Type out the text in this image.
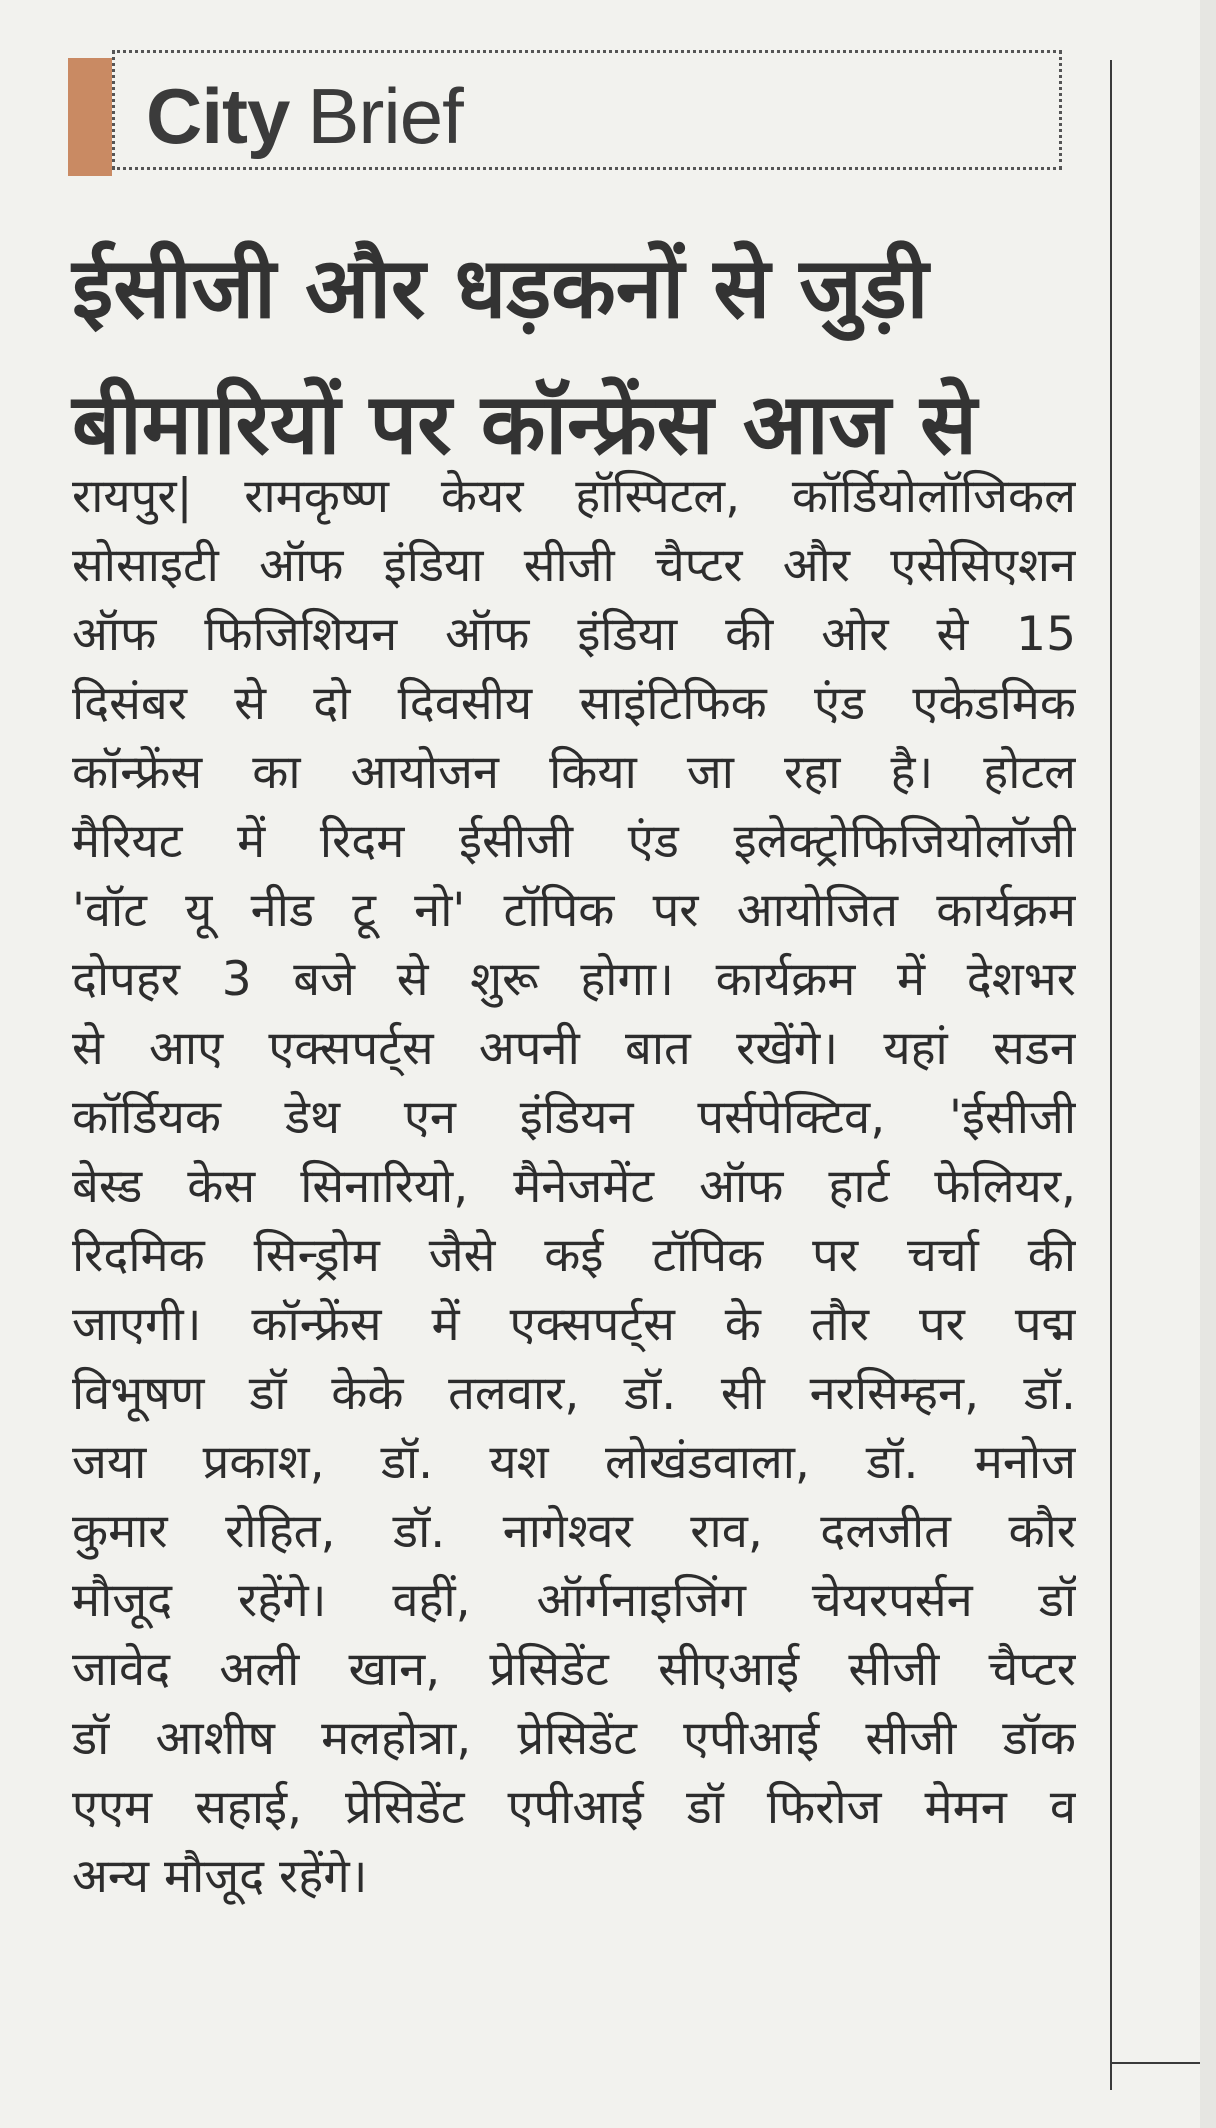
City Brief
ईसीजी और धड़कनों से जुड़ी
बीमारियों पर कॉन्फ्रेंस आज से
रायपुर| रामकृष्ण केयर हॉस्पिटल, कॉर्डियोलॉजिकल
सोसाइटी ऑफ इंडिया सीजी चैप्टर और एसेसिएशन
ऑफ फिजिशियन ऑफ इंडिया की ओर से 15
दिसंबर से दो दिवसीय साइंटिफिक एंड एकेडमिक
कॉन्फ्रेंस का आयोजन किया जा रहा है। होटल
मैरियट में रिदम ईसीजी एंड इलेक्ट्रोफिजियोलॉजी
'वॉट यू नीड टू नो' टॉपिक पर आयोजित कार्यक्रम
दोपहर 3 बजे से शुरू होगा। कार्यक्रम में देशभर
से आए एक्सपर्ट्स अपनी बात रखेंगे। यहां सडन
कॉर्डियक डेथ एन इंडियन पर्सपेक्टिव, 'ईसीजी
बेस्ड केस सिनारियो, मैनेजमेंट ऑफ हार्ट फेलियर,
रिदमिक सिन्ड्रोम जैसे कई टॉपिक पर चर्चा की
जाएगी। कॉन्फ्रेंस में एक्सपर्ट्स के तौर पर पद्म
विभूषण डॉ केके तलवार, डॉ. सी नरसिम्हन, डॉ.
जया प्रकाश, डॉ. यश लोखंडवाला, डॉ. मनोज
कुमार रोहित, डॉ. नागेश्वर राव, दलजीत कौर
मौजूद रहेंगे। वहीं, ऑर्गनाइजिंग चेयरपर्सन डॉ
जावेद अली खान, प्रेसिडेंट सीएआई सीजी चैप्टर
डॉ आशीष मलहोत्रा, प्रेसिडेंट एपीआई सीजी डॉक
एएम सहाई, प्रेसिडेंट एपीआई डॉ फिरोज मेमन व
अन्य मौजूद रहेंगे।
